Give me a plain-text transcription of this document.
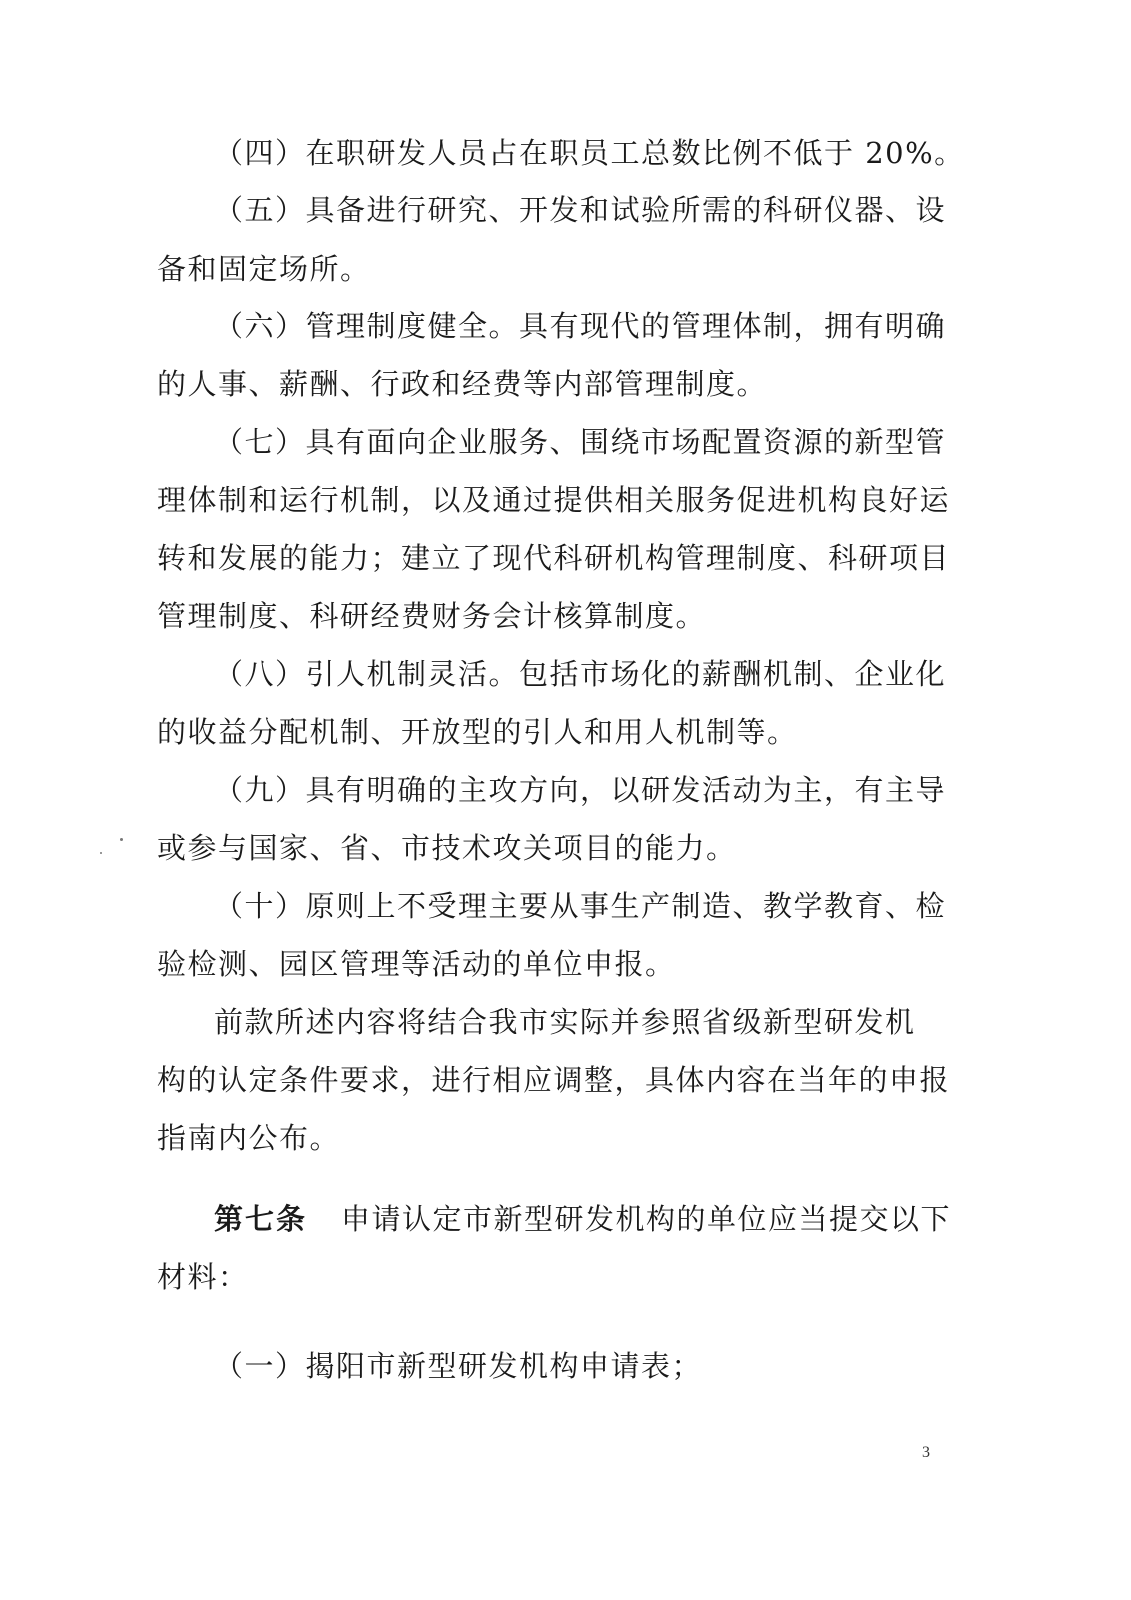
（四）在职研发人员占在职员工总数比例不低于 20%。
（五）具备进行研究、开发和试验所需的科研仪器、设
备和固定场所。
（六）管理制度健全。具有现代的管理体制，拥有明确
的人事、薪酬、行政和经费等内部管理制度。
（七）具有面向企业服务、围绕市场配置资源的新型管
理体制和运行机制，以及通过提供相关服务促进机构良好运
转和发展的能力；建立了现代科研机构管理制度、科研项目
管理制度、科研经费财务会计核算制度。
（八）引人机制灵活。包括市场化的薪酬机制、企业化
的收益分配机制、开放型的引人和用人机制等。
（九）具有明确的主攻方向，以研发活动为主，有主导
或参与国家、省、市技术攻关项目的能力。
（十）原则上不受理主要从事生产制造、教学教育、检
验检测、园区管理等活动的单位申报。
前款所述内容将结合我市实际并参照省级新型研发机
构的认定条件要求，进行相应调整，具体内容在当年的申报
指南内公布。
第七条 申请认定市新型研发机构的单位应当提交以下
材料：
（一）揭阳市新型研发机构申请表；
3
